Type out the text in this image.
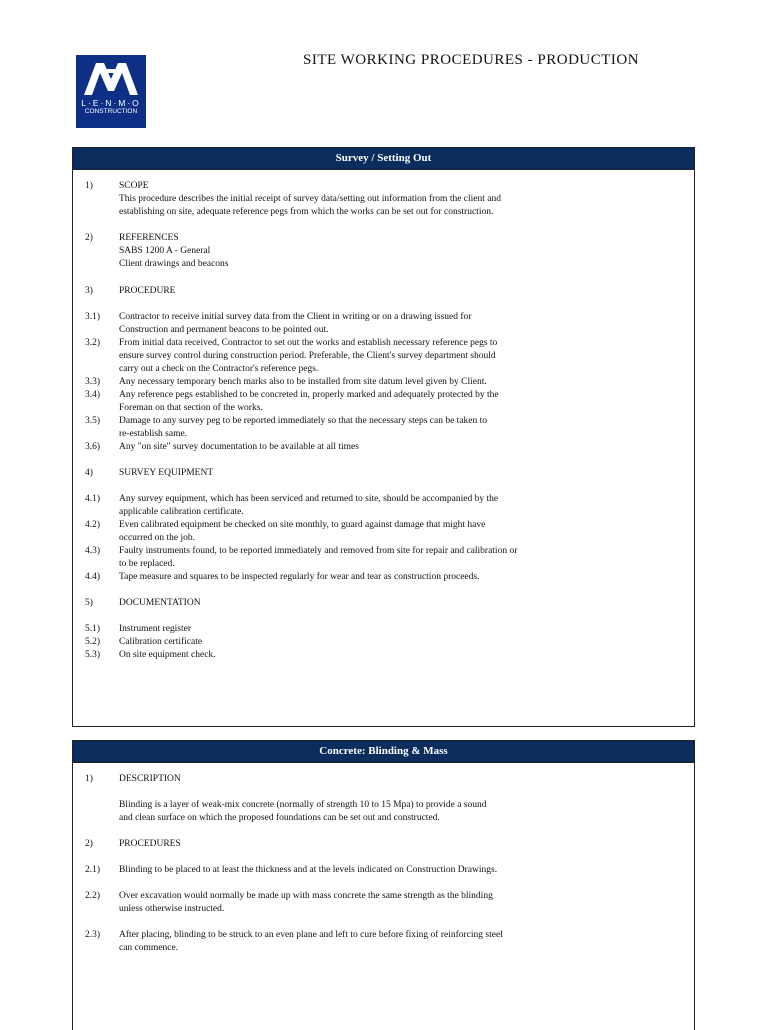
L·E·N·M·O
CONSTRUCTION
SITE WORKING PROCEDURES - PRODUCTION
Survey / Setting Out
1)	SCOPE
This procedure describes the initial receipt of survey data/setting out information from the client and
establishing on site, adequate reference pegs from which the works can be set out for construction.
2)	REFERENCES
SABS 1200 A - General
Client drawings and beacons
3)	PROCEDURE
3.1)	Contractor to receive initial survey data from the Client in writing or on a drawing issued for
Construction and permanent beacons to be pointed out.
3.2)	From initial data received, Contractor to set out the works and establish necessary reference pegs to
ensure survey control during construction period. Preferable, the Client's survey department should
carry out a check on the Contractor's reference pegs.
3.3)	Any necessary temporary bench marks also to be installed from site datum level given by Client.
3.4)	Any reference pegs established to be concreted in, properly marked and adequately protected by the
Foreman on that section of the works.
3.5)	Damage to any survey peg to be reported immediately so that the necessary steps can be taken to
re-establish same.
3.6)	Any "on site" survey documentation to be available at all times
4)	SURVEY EQUIPMENT
4.1)	Any survey equipment, which has been serviced and returned to site, should be accompanied by the
applicable calibration certificate.
4.2)	Even calibrated equipment be checked on site monthly, to guard against damage that might have
occurred on the job.
4.3)	Faulty instruments found, to be reported immediately and removed from site for repair and calibration or
to be replaced.
4.4)	Tape measure and squares to be inspected regularly for wear and tear as construction proceeds.
5)	DOCUMENTATION
5.1)	Instrument register
5.2)	Calibration certificate
5.3)	On site equipment check.
Concrete: Blinding & Mass
1)	DESCRIPTION
Blinding is a layer of weak-mix concrete (normally of strength 10 to 15 Mpa) to provide a sound
and clean surface on which the proposed foundations can be set out and constructed.
2)	PROCEDURES
2.1)	Blinding to be placed to at least the thickness and at the levels indicated on Construction Drawings.
2.2)	Over excavation would normally be made up with mass concrete the same strength as the blinding
unless otherwise instructed.
2.3)	After placing, blinding to be struck to an even plane and left to cure before fixing of reinforcing steel
can commence.
